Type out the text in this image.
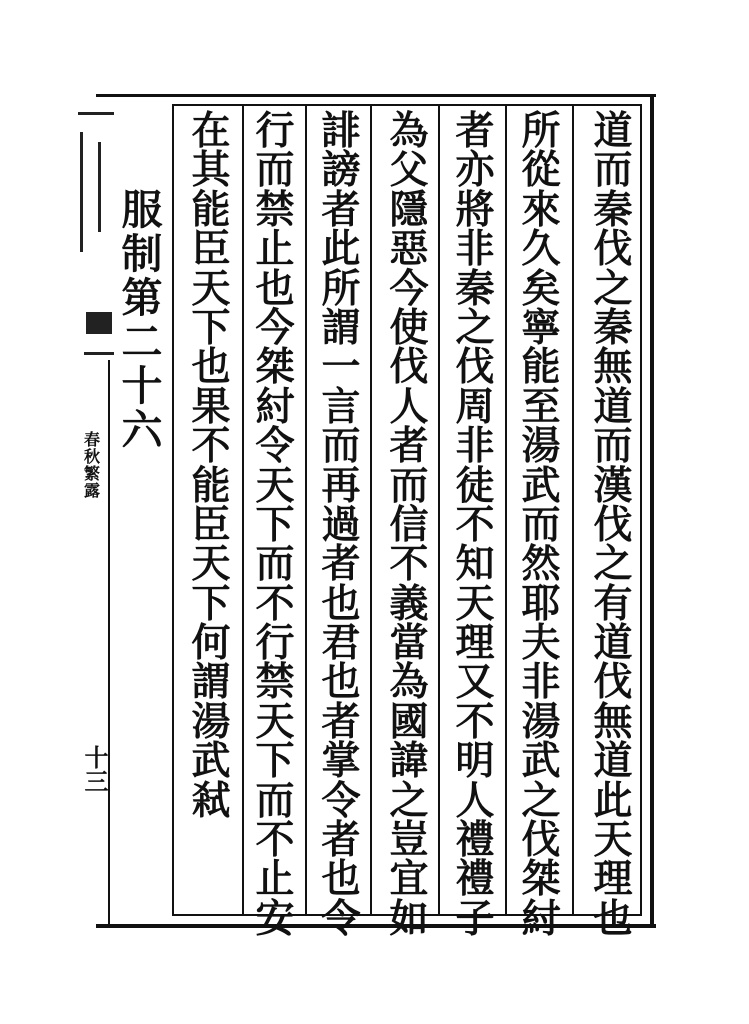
春
秋
繁
露
十三
服
制
第
二
十
六
道
而
秦
伐
之
秦
無
道
而
漢
伐
之
有
道
伐
無
道
此
天
理
也
所
從
來
久
矣
寧
能
至
湯
武
而
然
耶
夫
非
湯
武
之
伐
桀
紂
者
亦
將
非
秦
之
伐
周
非
徒
不
知
天
理
又
不
明
人
禮
禮
子
為
父
隱
惡
今
使
伐
人
者
而
信
不
義
當
為
國
諱
之
豈
宜
如
誹
謗
者
此
所
謂
一
言
而
再
過
者
也
君
也
者
掌
令
者
也
令
行
而
禁
止
也
今
桀
紂
令
天
下
而
不
行
禁
天
下
而
不
止
安
在
其
能
臣
天
下
也
果
不
能
臣
天
下
何
謂
湯
武
弒
